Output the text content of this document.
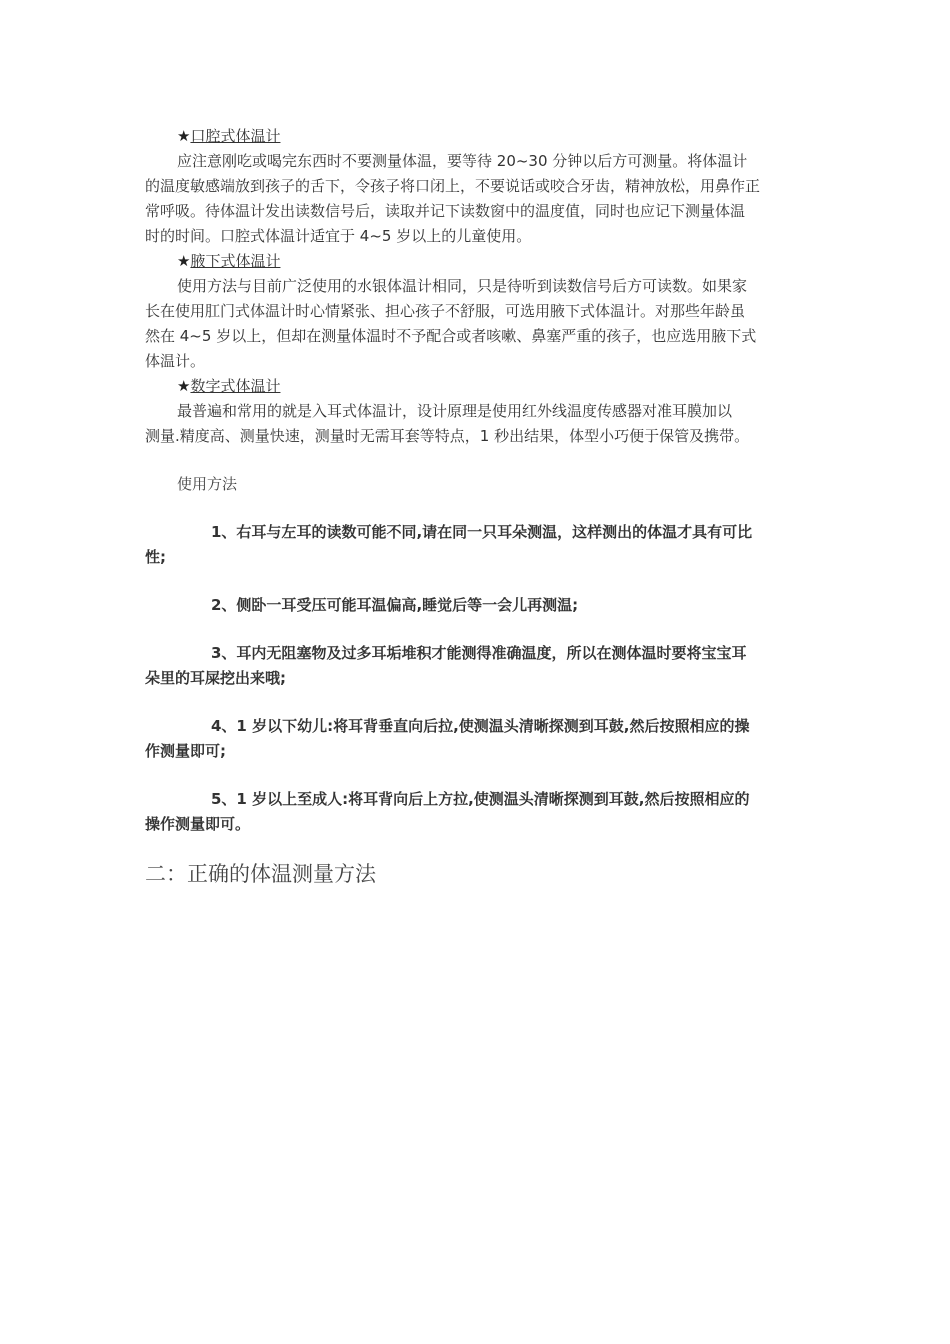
★口腔式体温计
应注意刚吃或喝完东西时不要测量体温，要等待 20~30 分钟以后方可测量。将体温计
的温度敏感端放到孩子的舌下，令孩子将口闭上，不要说话或咬合牙齿，精神放松，用鼻作正
常呼吸。待体温计发出读数信号后，读取并记下读数窗中的温度值，同时也应记下测量体温
时的时间。口腔式体温计适宜于 4~5 岁以上的儿童使用。
★腋下式体温计
使用方法与目前广泛使用的水银体温计相同，只是待听到读数信号后方可读数。如果家
长在使用肛门式体温计时心情紧张、担心孩子不舒服，可选用腋下式体温计。对那些年龄虽
然在 4~5 岁以上，但却在测量体温时不予配合或者咳嗽、鼻塞严重的孩子，也应选用腋下式
体温计。
★数字式体温计
最普遍和常用的就是入耳式体温计，设计原理是使用红外线温度传感器对准耳膜加以
测量.精度高、测量快速，测量时无需耳套等特点，1 秒出结果，体型小巧便于保管及携带。
使用方法
1、右耳与左耳的读数可能不同,请在同一只耳朵测温，这样测出的体温才具有可比
性;
2、侧卧一耳受压可能耳温偏高,睡觉后等一会儿再测温;
3、耳内无阻塞物及过多耳垢堆积才能测得准确温度，所以在测体温时要将宝宝耳
朵里的耳屎挖出来哦;
4、1 岁以下幼儿:将耳背垂直向后拉,使测温头清晰探测到耳鼓,然后按照相应的操
作测量即可;
5、1 岁以上至成人:将耳背向后上方拉,使测温头清晰探测到耳鼓,然后按照相应的
操作测量即可。
二：正确的体温测量方法
